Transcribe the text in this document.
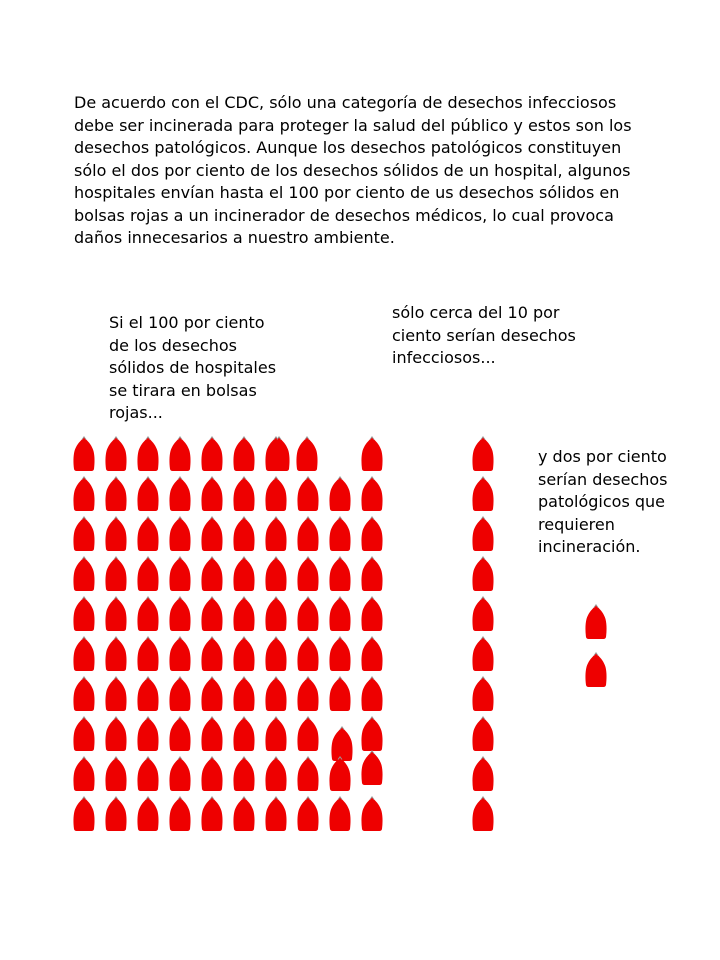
De acuerdo con el CDC, sólo una categoría de desechos infecciosos
debe ser incinerada para proteger la salud del público y estos son los
desechos patológicos. Aunque los desechos patológicos constituyen
sólo el dos por ciento de los desechos sólidos de un hospital, algunos
hospitales envían hasta el 100 por ciento de us desechos sólidos en
bolsas rojas a un incinerador de desechos médicos, lo cual provoca
daños innecesarios a nuestro ambiente.
Si el 100 por ciento
de los desechos
sólidos de hospitales
se tirara en bolsas
rojas...
sólo cerca del 10 por
ciento serían desechos
infecciosos...
y dos por ciento
serían desechos
patológicos que
requieren
incineración.
